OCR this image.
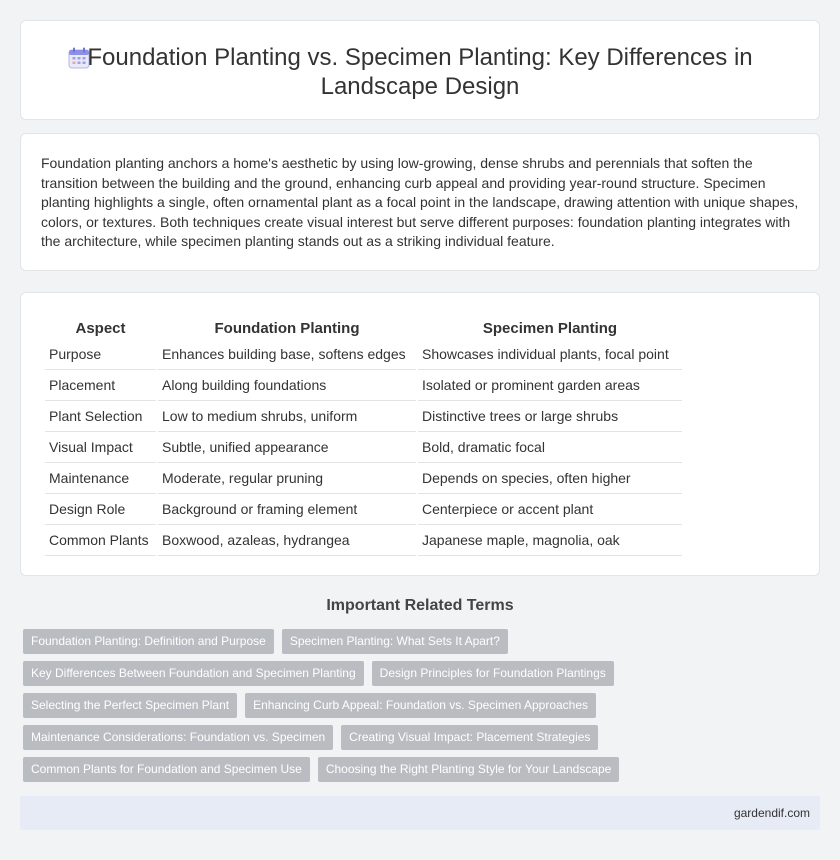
Foundation Planting vs. Specimen Planting: Key Differences in Landscape Design

Foundation planting anchors a home's aesthetic by using low-growing, dense shrubs and perennials that soften the transition between the building and the ground, enhancing curb appeal and providing year-round structure. Specimen planting highlights a single, often ornamental plant as a focal point in the landscape, drawing attention with unique shapes, colors, or textures. Both techniques create visual interest but serve different purposes: foundation planting integrates with the architecture, while specimen planting stands out as a striking individual feature.

Aspect	Foundation Planting	Specimen Planting
Purpose	Enhances building base, softens edges	Showcases individual plants, focal point
Placement	Along building foundations	Isolated or prominent garden areas
Plant Selection	Low to medium shrubs, uniform	Distinctive trees or large shrubs
Visual Impact	Subtle, unified appearance	Bold, dramatic focal
Maintenance	Moderate, regular pruning	Depends on species, often higher
Design Role	Background or framing element	Centerpiece or accent plant
Common Plants	Boxwood, azaleas, hydrangea	Japanese maple, magnolia, oak
Important Related Terms
Foundation Planting: Definition and Purpose	Specimen Planting: What Sets It Apart?
Key Differences Between Foundation and Specimen Planting	Design Principles for Foundation Plantings
Selecting the Perfect Specimen Plant	Enhancing Curb Appeal: Foundation vs. Specimen Approaches
Maintenance Considerations: Foundation vs. Specimen	Creating Visual Impact: Placement Strategies
Common Plants for Foundation and Specimen Use	Choosing the Right Planting Style for Your Landscape
gardendif.com
